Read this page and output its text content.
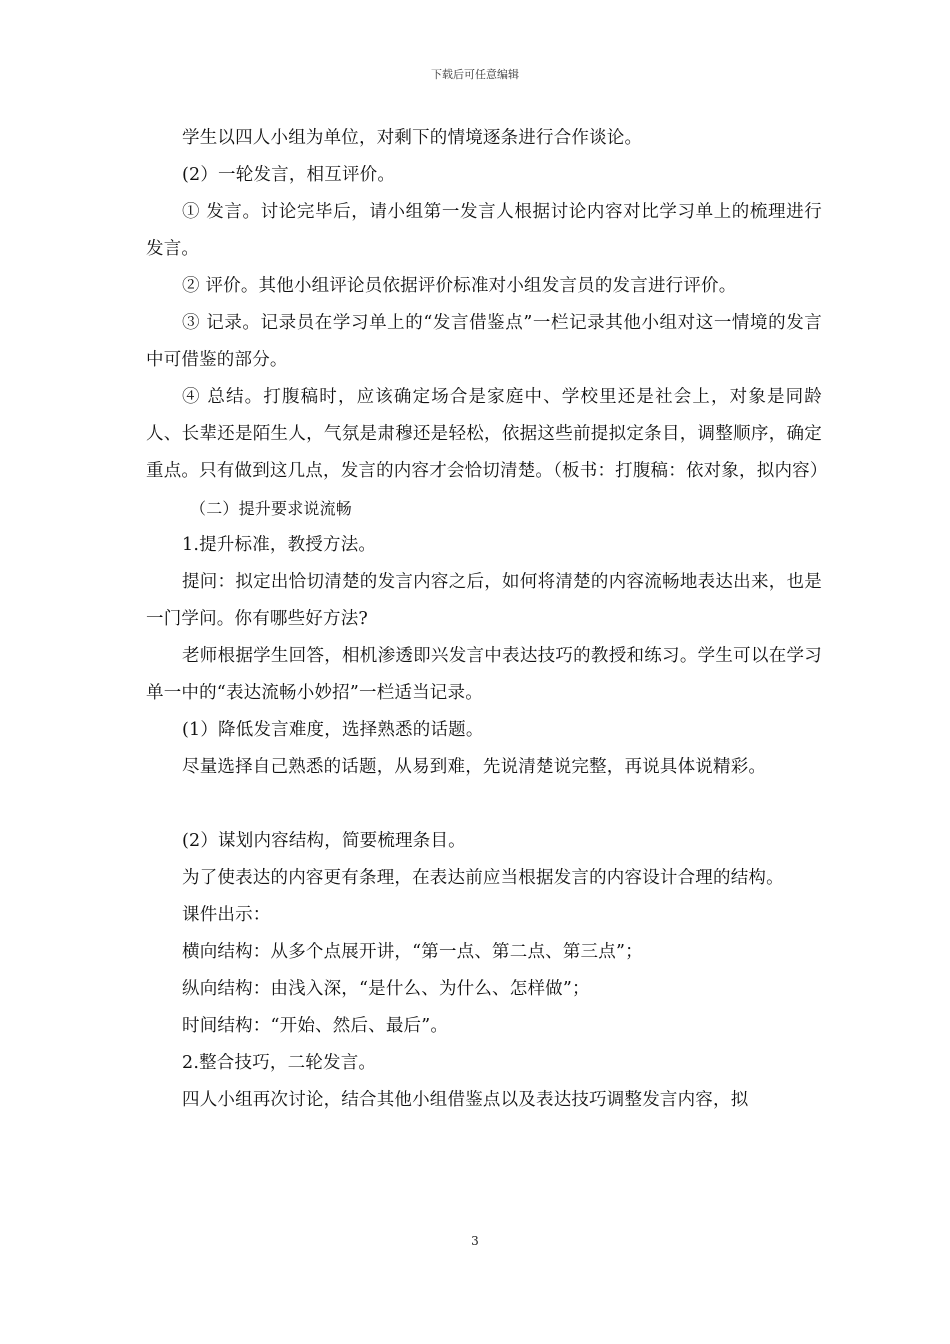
下载后可任意编辑

学生以四人小组为单位，对剩下的情境逐条进行合作谈论。

(2）一轮发言，相互评价。

① 发言。讨论完毕后，请小组第一发言人根据讨论内容对比学习单上的梳理进行发言。

② 评价。其他小组评论员依据评价标准对小组发言员的发言进行评价。

③ 记录。记录员在学习单上的“发言借鉴点”一栏记录其他小组对这一情境的发言中可借鉴的部分。

④ 总结。打腹稿时，应该确定场合是家庭中、学校里还是社会上，对象是同龄人、长辈还是陌生人，气氛是肃穆还是轻松，依据这些前提拟定条目，调整顺序，确定重点。只有做到这几点，发言的内容才会恰切清楚。（板书：打腹稿：依对象，拟内容）

（二）提升要求说流畅

1.提升标准，教授方法。

提问：拟定出恰切清楚的发言内容之后，如何将清楚的内容流畅地表达出来，也是一门学问。你有哪些好方法?

老师根据学生回答，相机渗透即兴发言中表达技巧的教授和练习。学生可以在学习单一中的“表达流畅小妙招”一栏适当记录。

(1）降低发言难度，选择熟悉的话题。

尽量选择自己熟悉的话题，从易到难，先说清楚说完整，再说具体说精彩。

(2）谋划内容结构，简要梳理条目。

为了使表达的内容更有条理，在表达前应当根据发言的内容设计合理的结构。

课件出示：

横向结构：从多个点展开讲，“第一点、第二点、第三点”；

纵向结构：由浅入深，“是什么、为什么、怎样做”；

时间结构：“开始、然后、最后”。

2.整合技巧，二轮发言。

四人小组再次讨论，结合其他小组借鉴点以及表达技巧调整发言内容，拟

3
